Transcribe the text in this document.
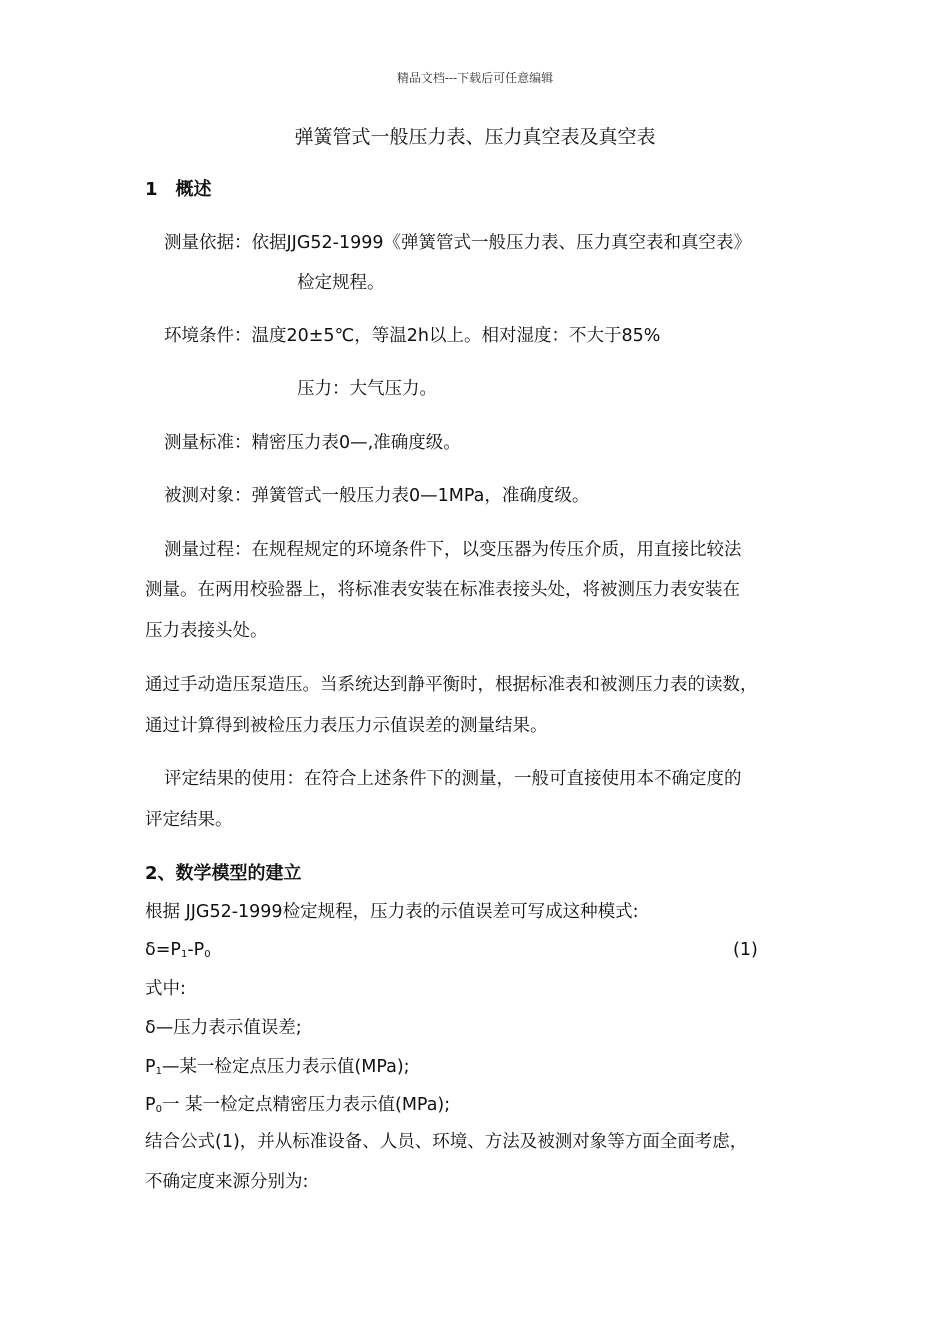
精品文档---下载后可任意编辑
弹簧管式一般压力表、压力真空表及真空表
1　概述
测量依据：依据JJG52-1999《弹簧管式一般压力表、压力真空表和真空表》
检定规程。
环境条件：温度20±5℃，等温2h以上。相对湿度：不大于85%
压力：大气压力。
测量标准：精密压力表0—,准确度级。
被测对象：弹簧管式一般压力表0—1MPa，准确度级。
测量过程：在规程规定的环境条件下，以变压器为传压介质，用直接比较法
测量。在两用校验器上，将标准表安装在标准表接头处，将被测压力表安装在
压力表接头处。
通过手动造压泵造压。当系统达到静平衡时，根据标准表和被测压力表的读数，
通过计算得到被检压力表压力示值误差的测量结果。
评定结果的使用：在符合上述条件下的测量，一般可直接使用本不确定度的
评定结果。
2、数学模型的建立
根据 JJG52-1999检定规程，压力表的示值误差可写成这种模式:
$\delta=P_1-P_0$	(1)
式中:
δ—压力表示值误差;
$P_1—$某一检定点压力表示值(MPa);
$P_0$一 某一检定点精密压力表示值(MPa);
结合公式(1)，并从标准设备、人员、环境、方法及被测对象等方面全面考虑，
不确定度来源分别为:
